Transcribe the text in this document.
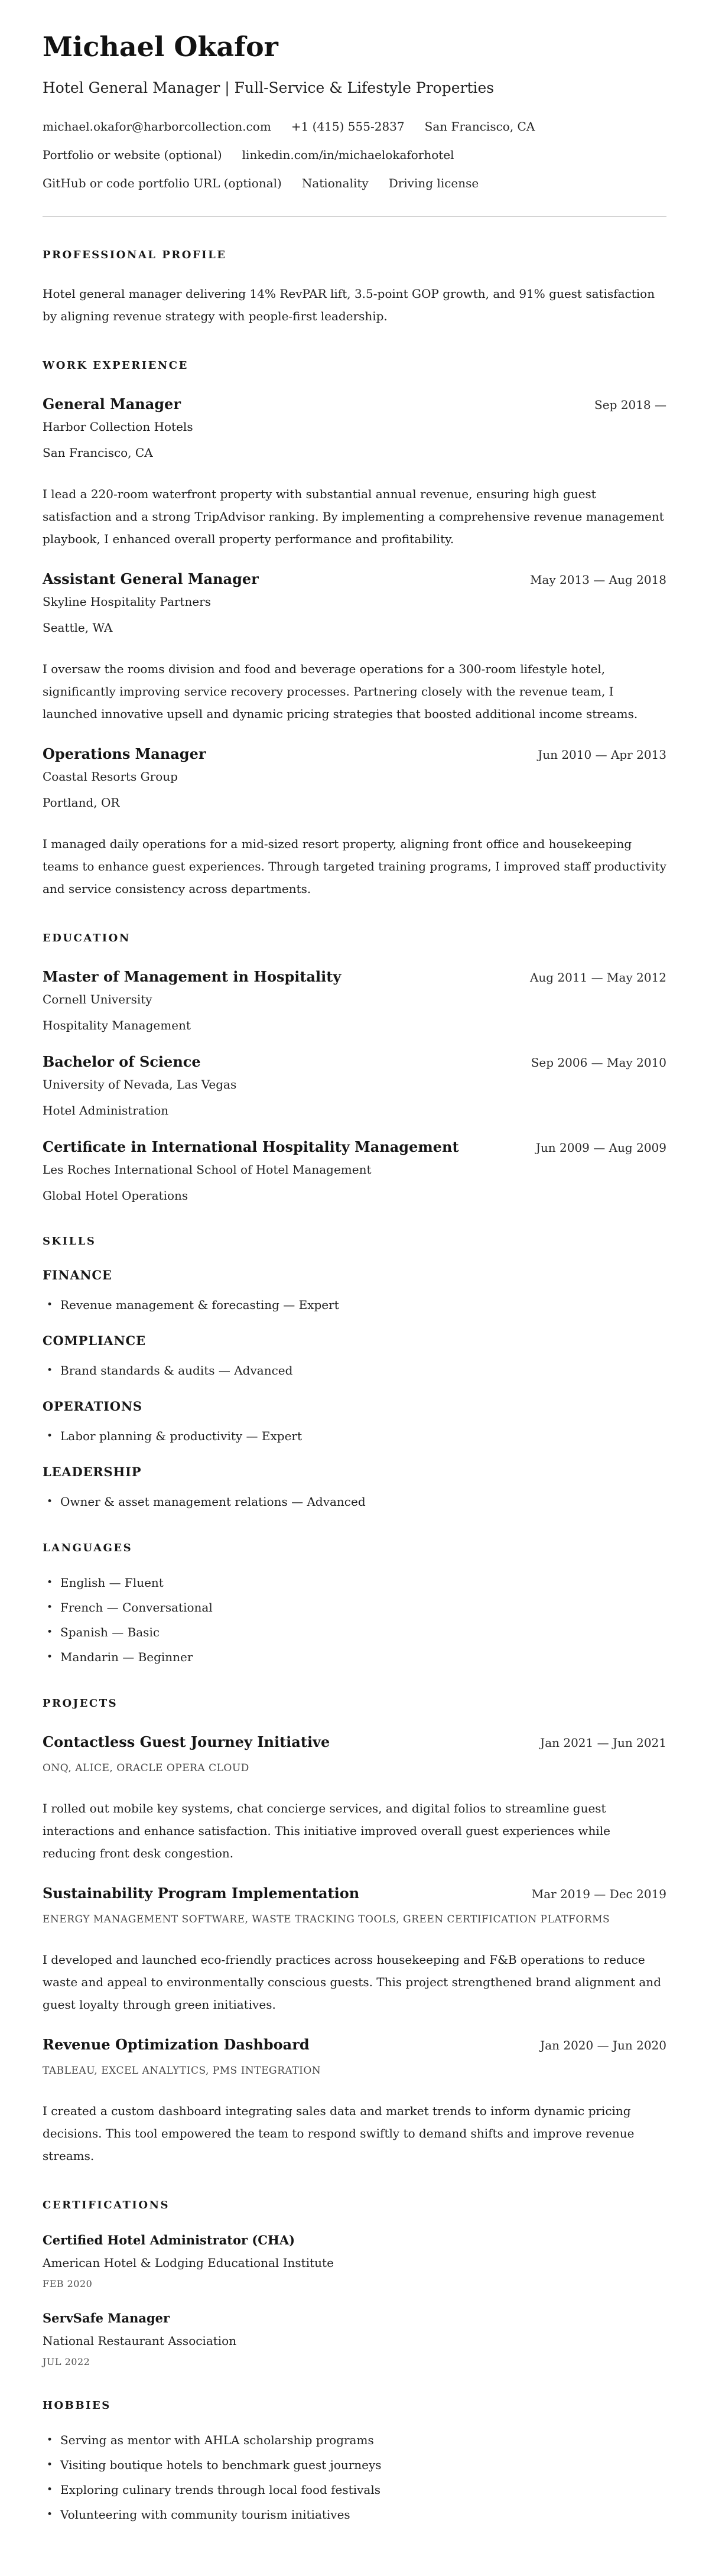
Michael Okafor
Hotel General Manager | Full-Service & Lifestyle Properties
michael.okafor@harborcollection.com +1 (415) 555-2837 San Francisco, CA
Portfolio or website (optional) linkedin.com/in/michaelokaforhotel
GitHub or code portfolio URL (optional) Nationality Driving license
PROFESSIONAL PROFILE

Hotel general manager delivering 14% RevPAR lift, 3.5-point GOP growth, and 91% guest satisfaction by aligning revenue strategy with people-first leadership.

WORK EXPERIENCE
General Manager	Sep 2018 —
Harbor Collection Hotels
San Francisco, CA

I lead a 220-room waterfront property with substantial annual revenue, ensuring high guest satisfaction and a strong TripAdvisor ranking. By implementing a comprehensive revenue management playbook, I enhanced overall property performance and profitability.

Assistant General Manager	May 2013 — Aug 2018
Skyline Hospitality Partners
Seattle, WA

I oversaw the rooms division and food and beverage operations for a 300-room lifestyle hotel, significantly improving service recovery processes. Partnering closely with the revenue team, I launched innovative upsell and dynamic pricing strategies that boosted additional income streams.

Operations Manager	Jun 2010 — Apr 2013
Coastal Resorts Group
Portland, OR

I managed daily operations for a mid-sized resort property, aligning front office and housekeeping teams to enhance guest experiences. Through targeted training programs, I improved staff productivity and service consistency across departments.

EDUCATION
Master of Management in Hospitality	Aug 2011 — May 2012
Cornell University
Hospitality Management
Bachelor of Science	Sep 2006 — May 2010
University of Nevada, Las Vegas
Hotel Administration
Certificate in International Hospitality Management	Jun 2009 — Aug 2009
Les Roches International School of Hotel Management
Global Hotel Operations
SKILLS
FINANCE
• Revenue management & forecasting — Expert
COMPLIANCE
• Brand standards & audits — Advanced
OPERATIONS
• Labor planning & productivity — Expert
LEADERSHIP
• Owner & asset management relations — Advanced
LANGUAGES
• English — Fluent
• French — Conversational
• Spanish — Basic
• Mandarin — Beginner
PROJECTS
Contactless Guest Journey Initiative	Jan 2021 — Jun 2021
ONQ, ALICE, ORACLE OPERA CLOUD

I rolled out mobile key systems, chat concierge services, and digital folios to streamline guest interactions and enhance satisfaction. This initiative improved overall guest experiences while reducing front desk congestion.

Sustainability Program Implementation	Mar 2019 — Dec 2019
ENERGY MANAGEMENT SOFTWARE, WASTE TRACKING TOOLS, GREEN CERTIFICATION PLATFORMS

I developed and launched eco-friendly practices across housekeeping and F&B operations to reduce waste and appeal to environmentally conscious guests. This project strengthened brand alignment and guest loyalty through green initiatives.

Revenue Optimization Dashboard	Jan 2020 — Jun 2020
TABLEAU, EXCEL ANALYTICS, PMS INTEGRATION

I created a custom dashboard integrating sales data and market trends to inform dynamic pricing decisions. This tool empowered the team to respond swiftly to demand shifts and improve revenue streams.

CERTIFICATIONS
Certified Hotel Administrator (CHA)
American Hotel & Lodging Educational Institute
FEB 2020
ServSafe Manager
National Restaurant Association
JUL 2022
HOBBIES
• Serving as mentor with AHLA scholarship programs
• Visiting boutique hotels to benchmark guest journeys
• Exploring culinary trends through local food festivals
• Volunteering with community tourism initiatives
